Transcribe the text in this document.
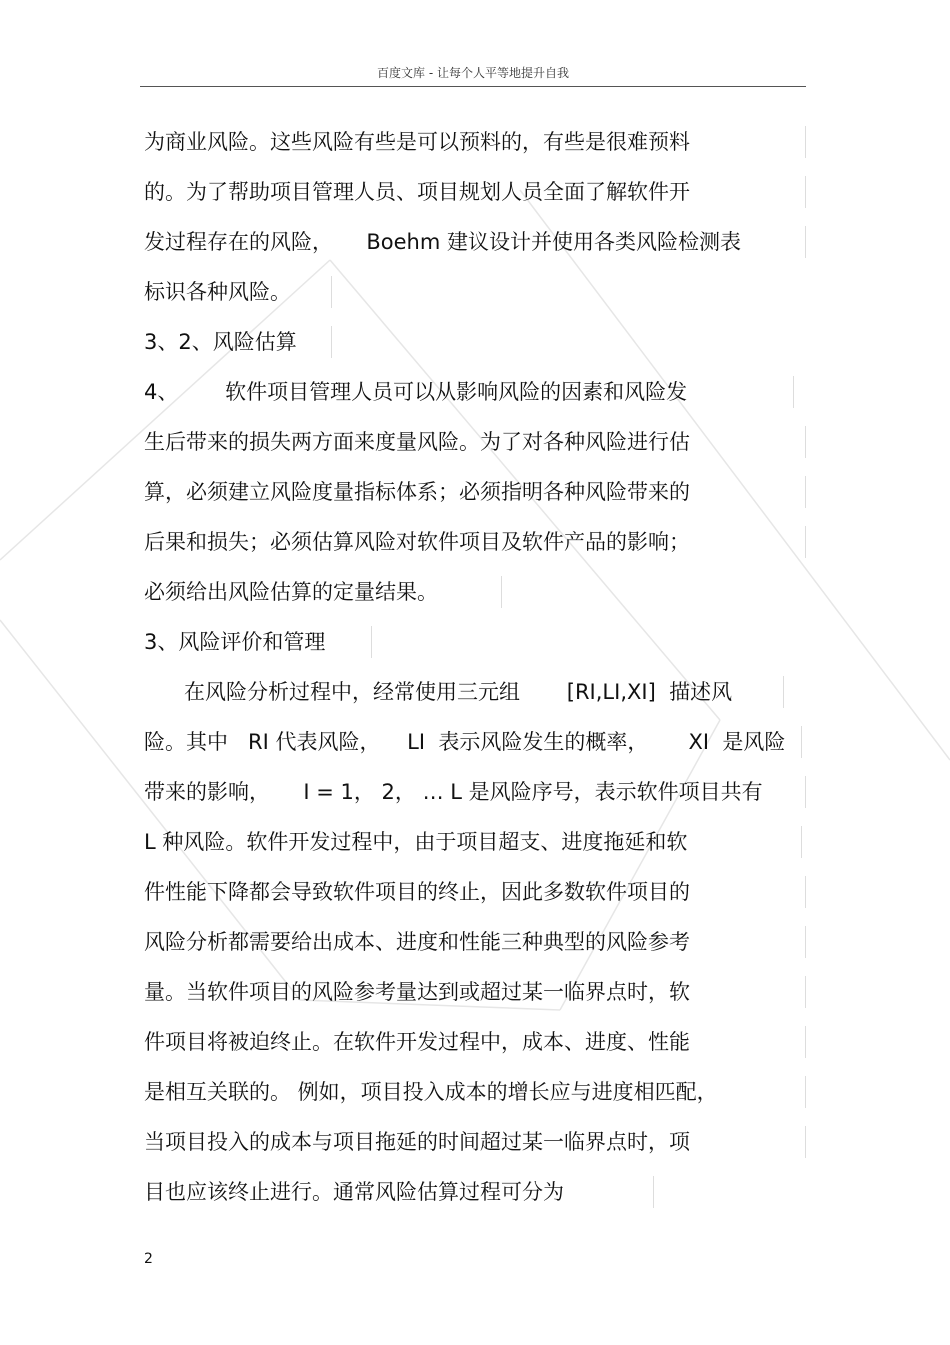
百度文库 - 让每个人平等地提升自我
为商业风险。这些风险有些是可以预料的，有些是很难预料
的。为了帮助项目管理人员、项目规划人员全面了解软件开
发过程存在的风险，     Boehm 建议设计并使用各类风险检测表
标识各种风险。
3、2、风险估算
4、       软件项目管理人员可以从影响风险的因素和风险发
生后带来的损失两方面来度量风险。为了对各种风险进行估
算，必须建立风险度量指标体系；必须指明各种风险带来的
后果和损失；必须估算风险对软件项目及软件产品的影响；
必须给出风险估算的定量结果。
3、风险评价和管理
在风险分析过程中，经常使用三元组       [RI,LI,XI]  描述风
险。其中   RI 代表风险，    LI  表示风险发生的概率，      XI  是风险
带来的影响，     I = 1， 2， … L 是风险序号，表示软件项目共有
L 种风险。软件开发过程中，由于项目超支、进度拖延和软
件性能下降都会导致软件项目的终止，因此多数软件项目的
风险分析都需要给出成本、进度和性能三种典型的风险参考
量。当软件项目的风险参考量达到或超过某一临界点时，软
件项目将被迫终止。在软件开发过程中，成本、进度、性能
是相互关联的。 例如，项目投入成本的增长应与进度相匹配，
当项目投入的成本与项目拖延的时间超过某一临界点时，项
目也应该终止进行。通常风险估算过程可分为
2
